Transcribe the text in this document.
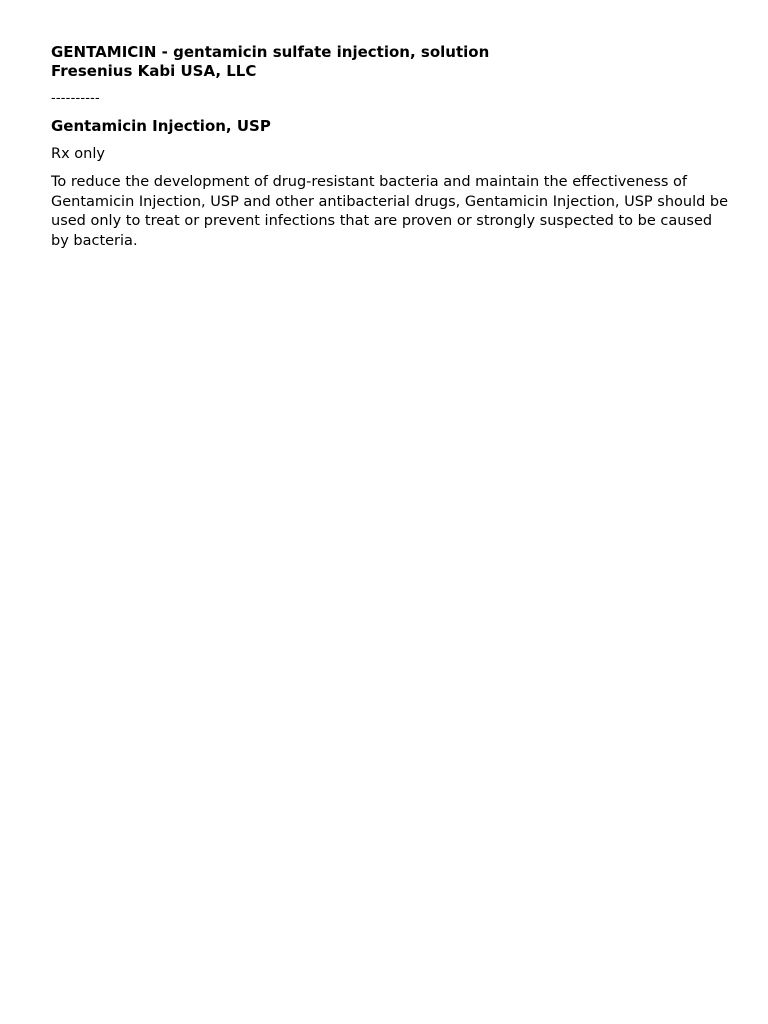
GENTAMICIN - gentamicin sulfate injection, solution

Fresenius Kabi USA, LLC

----------

Gentamicin Injection, USP

Rx only

To reduce the development of drug-resistant bacteria and maintain the effectiveness of Gentamicin Injection, USP and other antibacterial drugs, Gentamicin Injection, USP should be used only to treat or prevent infections that are proven or strongly suspected to be caused by bacteria.
